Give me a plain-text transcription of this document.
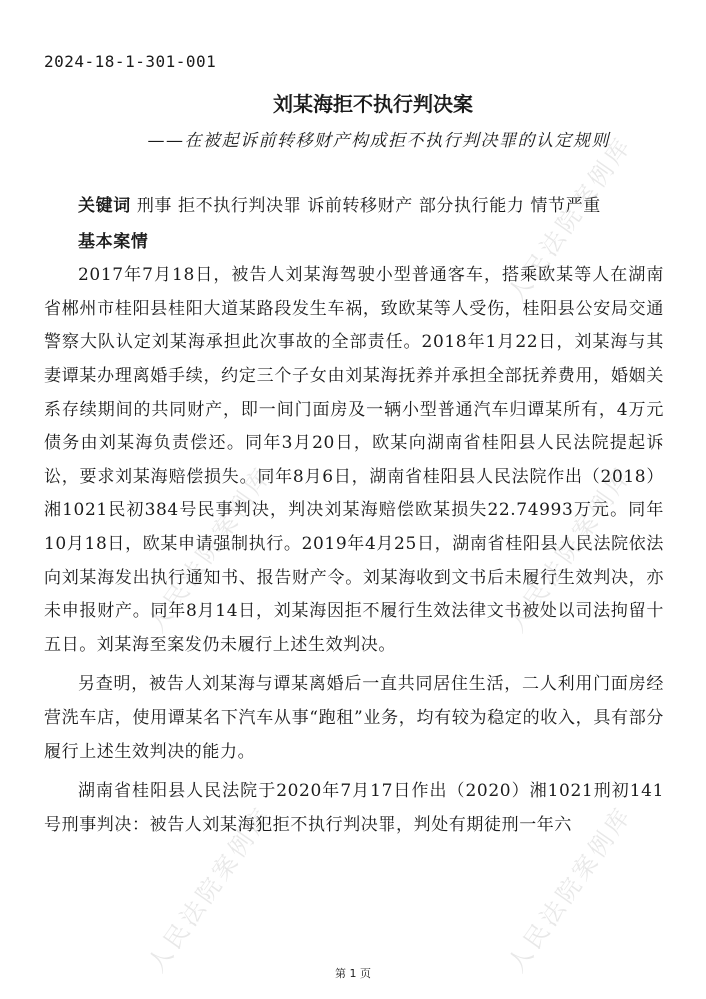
人民法院案例库
人民法院案例库	人民法院案例库
人民法院案例库	人民法院案例库
2024-18-1-301-001
刘某海拒不执行判决案
——在被起诉前转移财产构成拒不执行判决罪的认定规则

关键词 刑事 拒不执行判决罪 诉前转移财产 部分执行能力 情节严重

基本案情

2017年7月18日，被告人刘某海驾驶小型普通客车，搭乘欧某等人在湖南省郴州市桂阳县桂阳大道某路段发生车祸，致欧某等人受伤，桂阳县公安局交通警察大队认定刘某海承担此次事故的全部责任。2018年1月22日，刘某海与其妻谭某办理离婚手续，约定三个子女由刘某海抚养并承担全部抚养费用，婚姻关系存续期间的共同财产，即一间门面房及一辆小型普通汽车归谭某所有，4万元债务由刘某海负责偿还。同年3月20日，欧某向湖南省桂阳县人民法院提起诉讼，要求刘某海赔偿损失。同年8月6日，湖南省桂阳县人民法院作出（2018）湘1021民初384号民事判决，判决刘某海赔偿欧某损失22.74993万元。同年10月18日，欧某申请强制执行。2019年4月25日，湖南省桂阳县人民法院依法向刘某海发出执行通知书、报告财产令。刘某海收到文书后未履行生效判决，亦未申报财产。同年8月14日，刘某海因拒不履行生效法律文书被处以司法拘留十五日。刘某海至案发仍未履行上述生效判决。

另查明，被告人刘某海与谭某离婚后一直共同居住生活，二人利用门面房经营洗车店，使用谭某名下汽车从事“跑租”业务，均有较为稳定的收入，具有部分履行上述生效判决的能力。

湖南省桂阳县人民法院于2020年7月17日作出（2020）湘1021刑初141号刑事判决：被告人刘某海犯拒不执行判决罪，判处有期徒刑一年六

第 1 页
